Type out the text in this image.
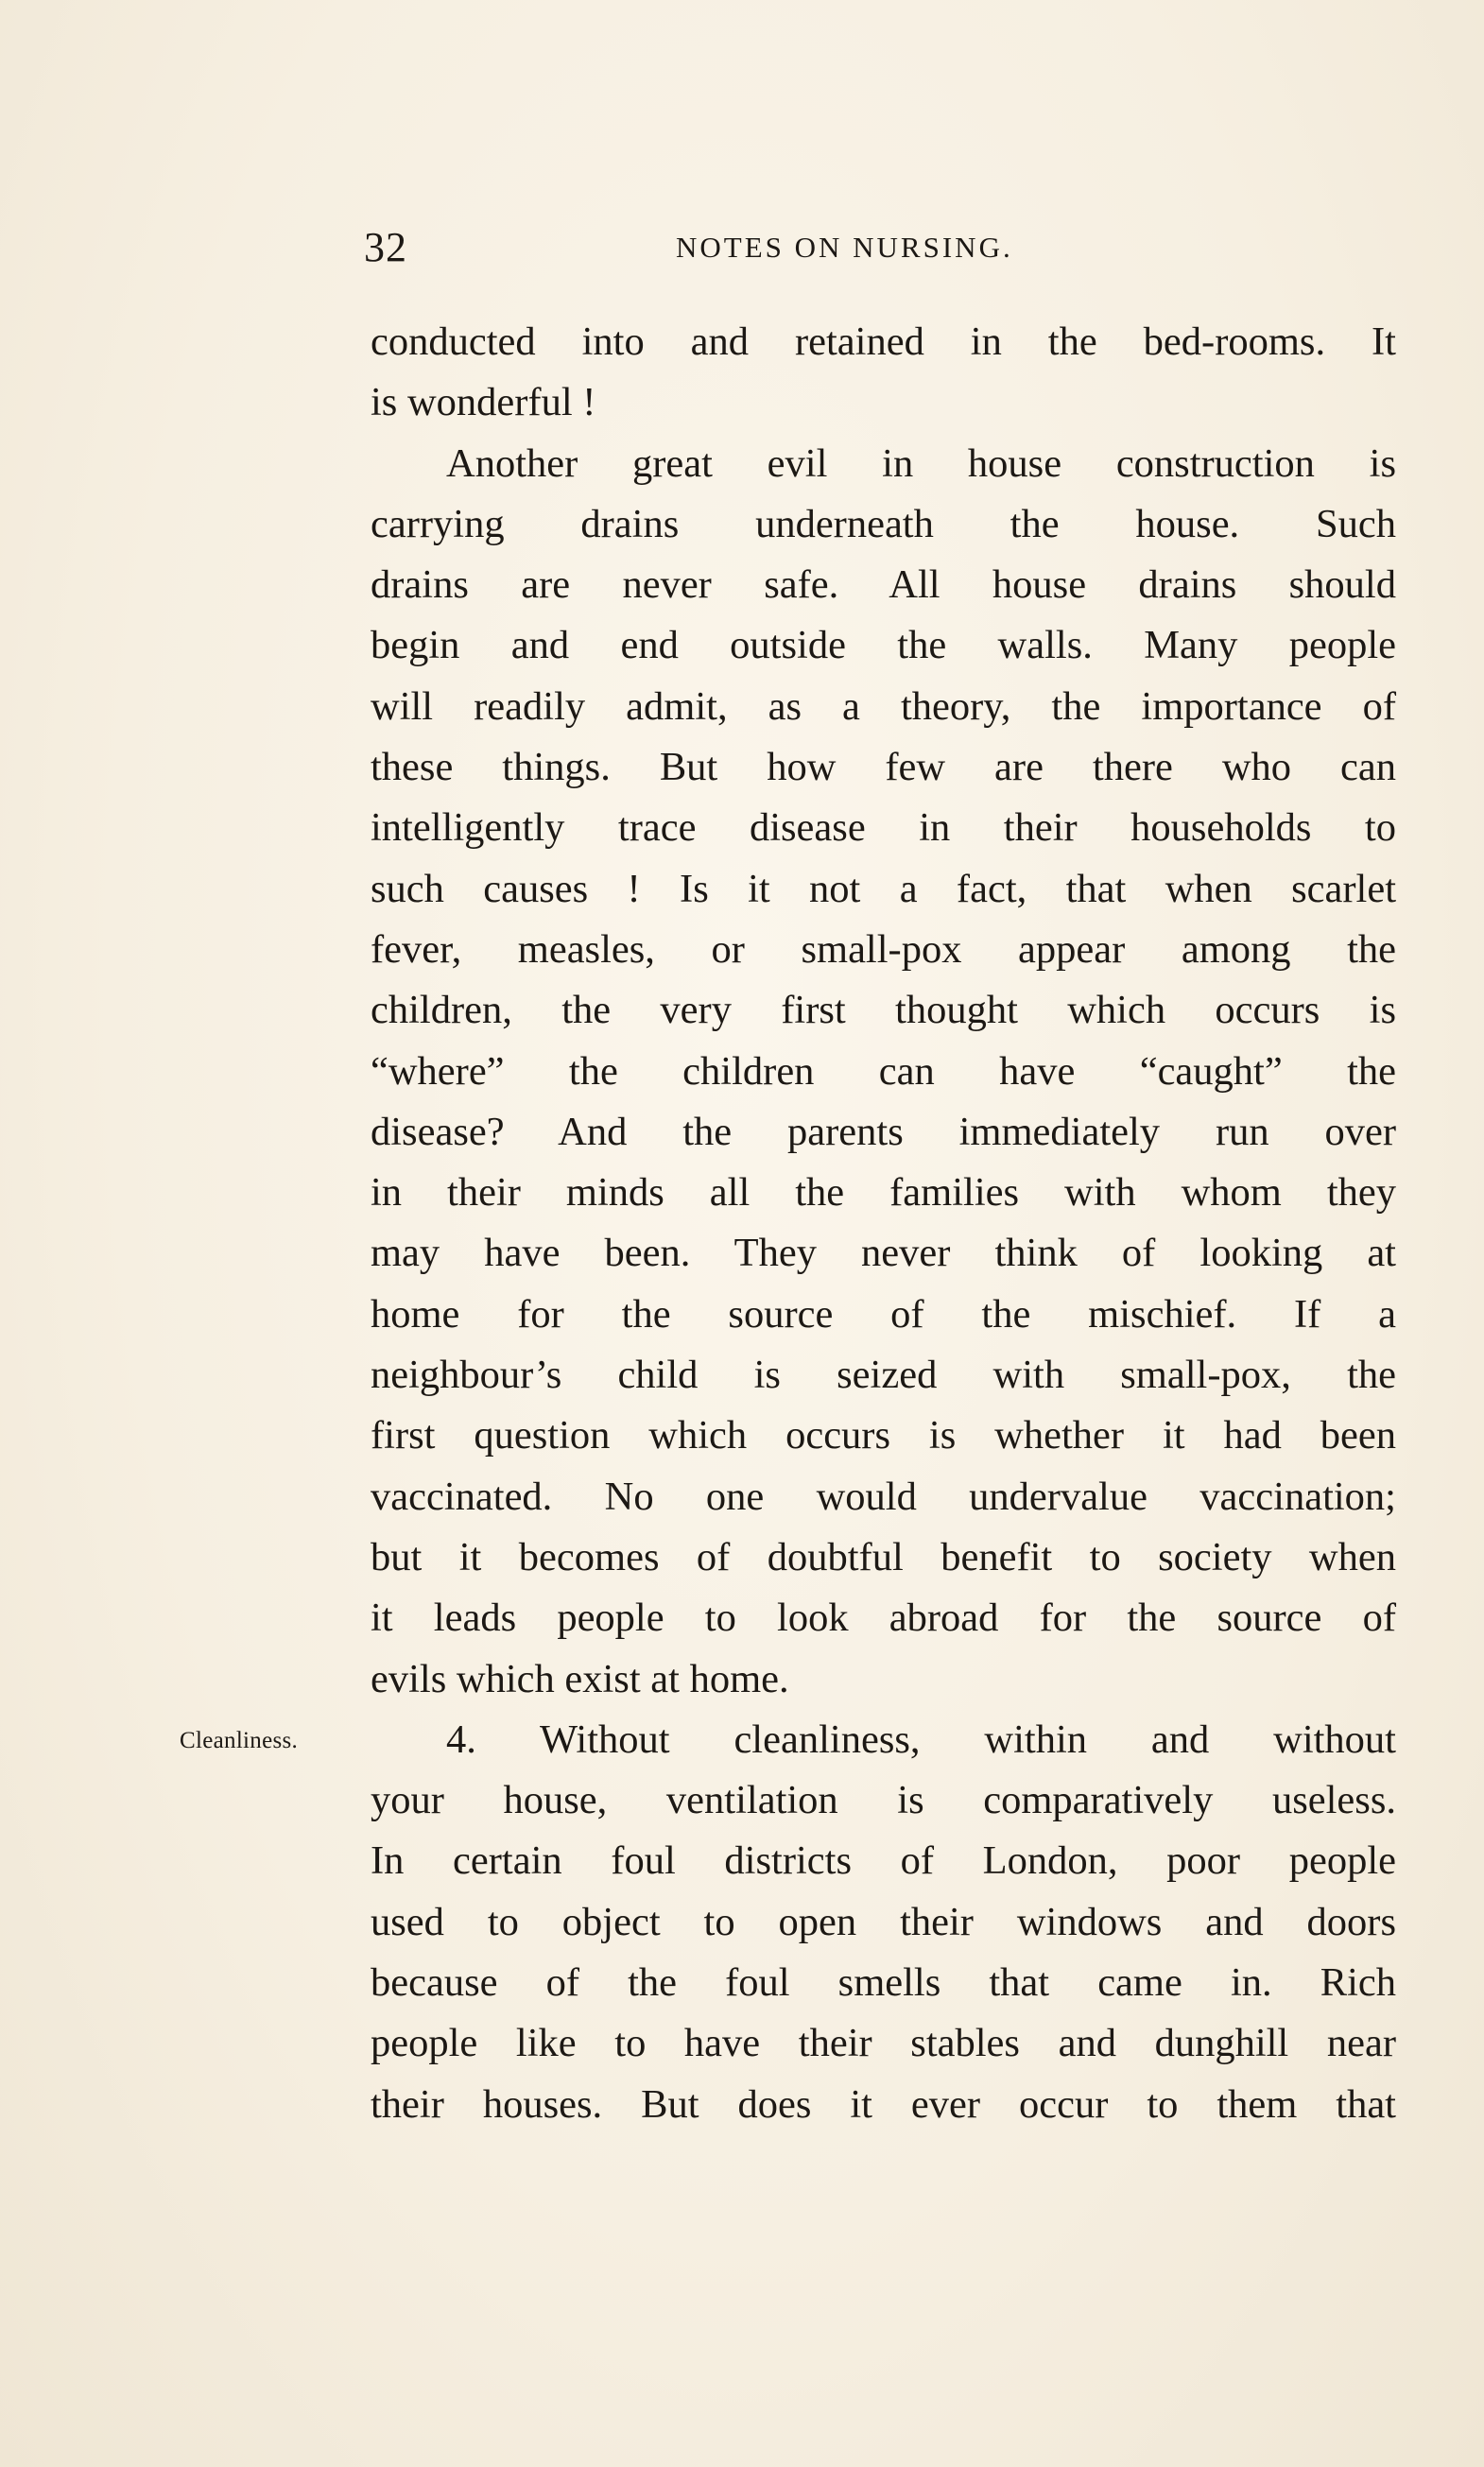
32	NOTES ON NURSING.
Cleanliness.
conducted into and retained in the bed-rooms. It
is wonderful !
Another great evil in house construction is
carrying drains underneath the house. Such
drains are never safe. All house drains should
begin and end outside the walls. Many people
will readily admit, as a theory, the importance of
these things. But how few are there who can
intelligently trace disease in their households to
such causes ! Is it not a fact, that when scarlet
fever, measles, or small-pox appear among the
children, the very first thought which occurs is
“where” the children can have “caught” the
disease? And the parents immediately run over
in their minds all the families with whom they
may have been. They never think of looking at
home for the source of the mischief. If a
neighbour’s child is seized with small-pox, the
first question which occurs is whether it had been
vaccinated. No one would undervalue vaccination;
but it becomes of doubtful benefit to society when
it leads people to look abroad for the source of
evils which exist at home.
4. Without cleanliness, within and without
your house, ventilation is comparatively useless.
In certain foul districts of London, poor people
used to object to open their windows and doors
because of the foul smells that came in. Rich
people like to have their stables and dunghill near
their houses. But does it ever occur to them that
